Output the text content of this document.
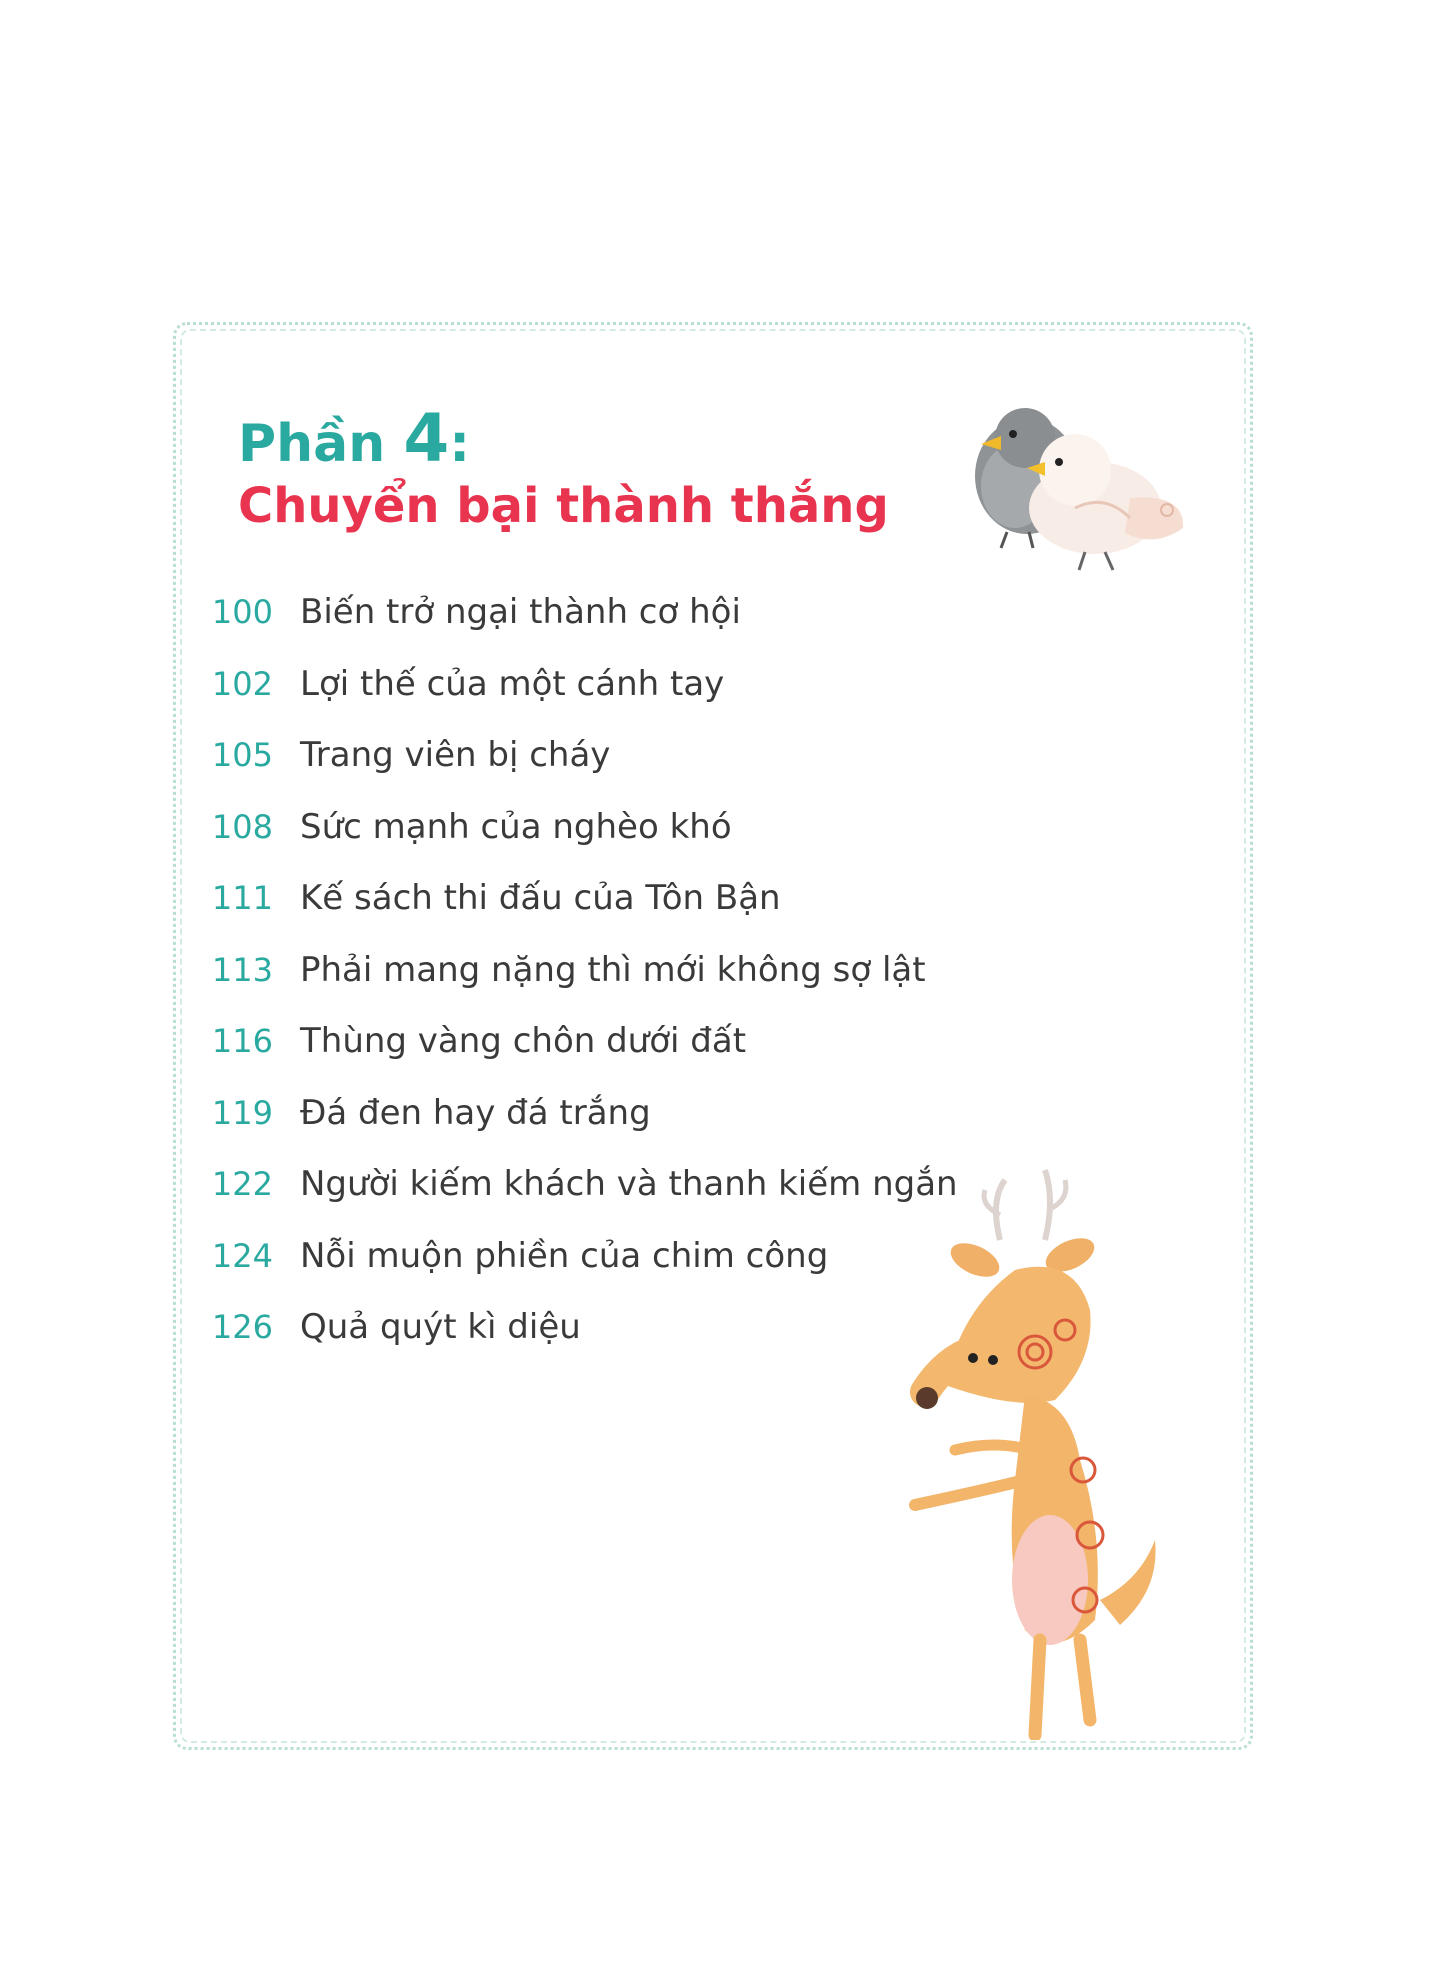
Phần 4:
Chuyển bại thành thắng
100 Biến trở ngại thành cơ hội
102 Lợi thế của một cánh tay
105 Trang viên bị cháy
108 Sức mạnh của nghèo khó
111 Kế sách thi đấu của Tôn Bận
113 Phải mang nặng thì mới không sợ lật
116 Thùng vàng chôn dưới đất
119 Đá đen hay đá trắng
122 Người kiếm khách và thanh kiếm ngắn
124 Nỗi muộn phiền của chim công
126 Quả quýt kì diệu
